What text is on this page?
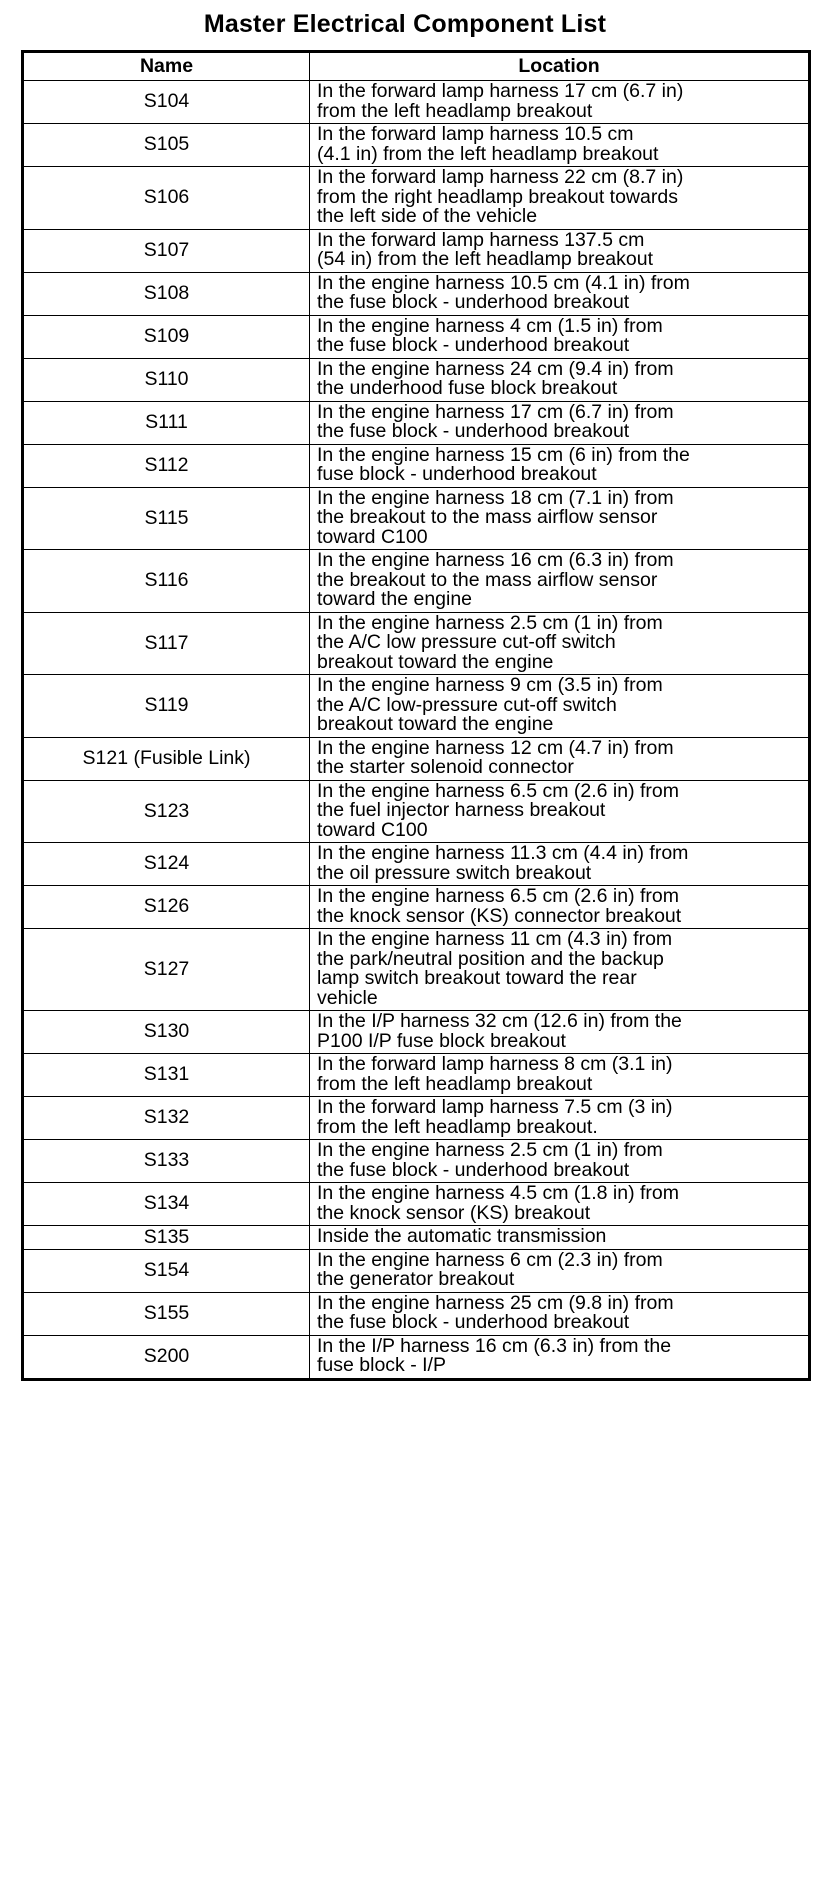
Master Electrical Component List
Name	Location
S104	In the forward lamp harness 17 cm (6.7 in)
from the left headlamp breakout
S105	In the forward lamp harness 10.5 cm
(4.1 in) from the left headlamp breakout
S106	In the forward lamp harness 22 cm (8.7 in)
from the right headlamp breakout towards
the left side of the vehicle
S107	In the forward lamp harness 137.5 cm
(54 in) from the left headlamp breakout
S108	In the engine harness 10.5 cm (4.1 in) from
the fuse block - underhood breakout
S109	In the engine harness 4 cm (1.5 in) from
the fuse block - underhood breakout
S110	In the engine harness 24 cm (9.4 in) from
the underhood fuse block breakout
S111	In the engine harness 17 cm (6.7 in) from
the fuse block - underhood breakout
S112	In the engine harness 15 cm (6 in) from the
fuse block - underhood breakout
S115	In the engine harness 18 cm (7.1 in) from
the breakout to the mass airflow sensor
toward C100
S116	In the engine harness 16 cm (6.3 in) from
the breakout to the mass airflow sensor
toward the engine
S117	In the engine harness 2.5 cm (1 in) from
the A/C low pressure cut-off switch
breakout toward the engine
S119	In the engine harness 9 cm (3.5 in) from
the A/C low-pressure cut-off switch
breakout toward the engine
S121 (Fusible Link)	In the engine harness 12 cm (4.7 in) from
the starter solenoid connector
S123	In the engine harness 6.5 cm (2.6 in) from
the fuel injector harness breakout
toward C100
S124	In the engine harness 11.3 cm (4.4 in) from
the oil pressure switch breakout
S126	In the engine harness 6.5 cm (2.6 in) from
the knock sensor (KS) connector breakout
S127	In the engine harness 11 cm (4.3 in) from
the park/neutral position and the backup
lamp switch breakout toward the rear
vehicle
S130	In the I/P harness 32 cm (12.6 in) from the
P100 I/P fuse block breakout
S131	In the forward lamp harness 8 cm (3.1 in)
from the left headlamp breakout
S132	In the forward lamp harness 7.5 cm (3 in)
from the left headlamp breakout.
S133	In the engine harness 2.5 cm (1 in) from
the fuse block - underhood breakout
S134	In the engine harness 4.5 cm (1.8 in) from
the knock sensor (KS) breakout
S135	Inside the automatic transmission
S154	In the engine harness 6 cm (2.3 in) from
the generator breakout
S155	In the engine harness 25 cm (9.8 in) from
the fuse block - underhood breakout
S200	In the I/P harness 16 cm (6.3 in) from the
fuse block - I/P
